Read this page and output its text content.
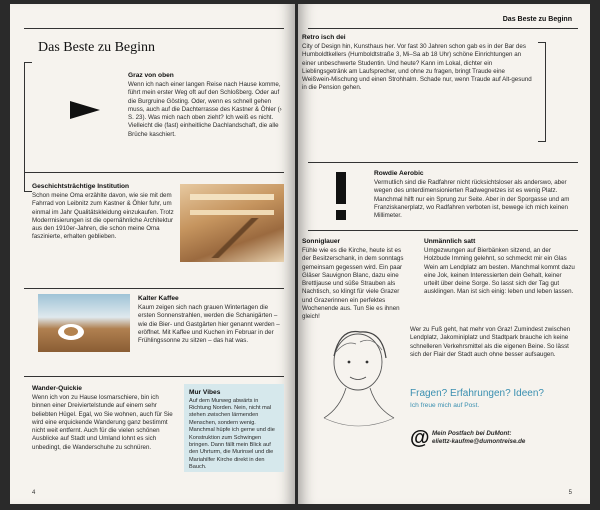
Das Beste zu Beginn
Graz von oben
Wenn ich nach einer langen Reise nach Hause komme, führt mein erster Weg oft auf den Schloßberg. Oder auf die Burgruine Gösting. Oder, wenn es schnell gehen muss, auch auf die Dachterrasse des Kastner & Öhler (› S. 23). Was mich nach oben zieht? Ich weiß es nicht. Vielleicht die (fast) einheitliche Dachlandschaft, die alle Brüche kaschiert.
Geschichtsträchtige Institution
Schon meine Oma erzählte davon, wie sie mit dem Fahrrad von Leibnitz zum Kastner & Öhler fuhr, um einmal im Jahr Qualitätskleidung einzukaufen. Trotz Moderrnisierungen ist die opernähnliche Architektur aus den 1910er-Jahren, die schon meine Oma faszinierte, erhalten geblieben.
Kalter Kaffee
Kaum zeigen sich nach grauen Wintertagen die ersten Sonnenstrahlen, werden die Schanigärten – wie die Bier- und Gastgärten hier genannt werden – eröffnet. Mit Kaffee und Kuchen im Februar in der Frühlingssonne zu sitzen – das hat was.
Wander-Quickie
Wenn ich von zu Hause losmarschiere, bin ich binnen einer Dreiviertelstunde auf einem sehr beliebten Hügel. Egal, wo Sie wohnen, auch für Sie wird eine erquickende Wanderung ganz bestimmt nicht weit entfernt. Auch für die vielen schönen Ausblicke auf Stadt und Umland lohnt es sich unbedingt, die Wanderschuhe zu schnüren.
Mur Vibes
Auf dem Murweg abwärts in Richtung Norden. Nein, nicht mal stehen zwischen lärmenden Menschen, sondern wenig. Manchmal hüpfe ich gerne und die Konstruktion zum Schwingen bringen. Dann fällt mein Blick auf den Uhrturm, die Murinsel und die Mariahilfer Kirche direkt in den Bauch.
4
Das Beste zu Beginn
Retro isch dei
City of Design hin, Kunsthaus her. Vor fast 30 Jahren schon gab es in der Bar des Humboldtkellers (Humboldtstraße 3, Mi–Sa ab 18 Uhr) schöne Einrichtungen an einer unbeschwerte Studentin. Und heute? Kann im Lokal, dichter ein Lieblingsgetränk am Laufsprecher, und ohne zu fragen, bringt Traude eine Weißwein-Mischung und einen Strohhalm. Schade nur, wenn Traude auf Alt-gesund in die Pension gehen.
Rowdie Aerobic
Vermutlich sind die Radfahrer nicht rücksichtsloser als anderswo, aber wegen des unterdimensionierten Radwegnetzes ist es wenig Platz. Manchmal hilft nur ein Sprung zur Seite. Aber in der Sporgasse und am Franziskanerplatz, wo Radfahren verboten ist, bewege ich mich keinen Millimeter.
Sonniglauer
Fühle wie es die Kirche, heute ist es der Besitzerschank, in dem sonntags gemeinsam gegessen wird. Ein paar Gläser Sauvignon Blanc, dazu eine Brettljause und süße Strauben als Nachtisch, so klingt für viele Grazer und Grazerinnen ein perfektes Wochenende aus. Tun Sie es ihnen gleich!
Unmännlich satt
Umgezwungen auf Bierbänken sitzend, an der Holzbude Imming gelehnt, so schmeckt mir ein Glas Wein am Lendplatz am besten. Manchmal kommt dazu eine Jok, keinen Interessierten dein Gehalt, keiner urteilt über deine Sorge. So lasst sich der Tag gut ausklingen. Man ist sich einig: leben und leben lassen.
Wer zu Fuß geht, hat mehr von Graz! Zumindest zwischen Lendplatz, Jakominiplatz und Stadtpark brauche ich keine schnelleren Verkehrsmittel als die eigenen Beine. So lässt sich der Flair der Stadt auch ohne besser aufsaugen.
Fragen? Erfahrungen? Ideen?
Ich freue mich auf Post.
@ Mein Postfach bei DuMont:
eliettz-kaufme@dumontreise.de
5
